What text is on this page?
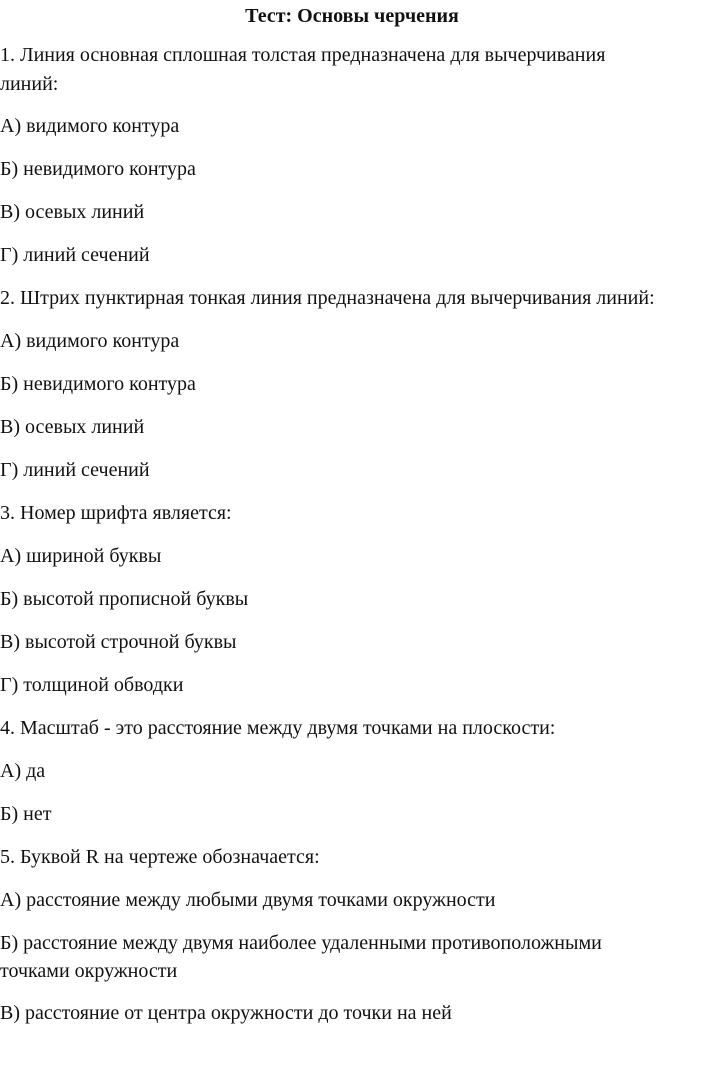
Тест: Основы черчения
1. Линия основная сплошная толстая предназначена для вычерчивания
линий:
А) видимого контура
Б) невидимого контура
В) осевых линий
Г) линий сечений
2. Штрих пунктирная тонкая линия предназначена для вычерчивания линий:
А) видимого контура
Б) невидимого контура
В) осевых линий
Г) линий сечений
3. Номер шрифта является:
А) шириной буквы
Б) высотой прописной буквы
В) высотой строчной буквы
Г) толщиной обводки
4. Масштаб - это расстояние между двумя точками на плоскости:
А) да
Б) нет
5. Буквой R на чертеже обозначается:
А) расстояние между любыми двумя точками окружности
Б) расстояние между двумя наиболее удаленными противоположными
точками окружности
В) расстояние от центра окружности до точки на ней
